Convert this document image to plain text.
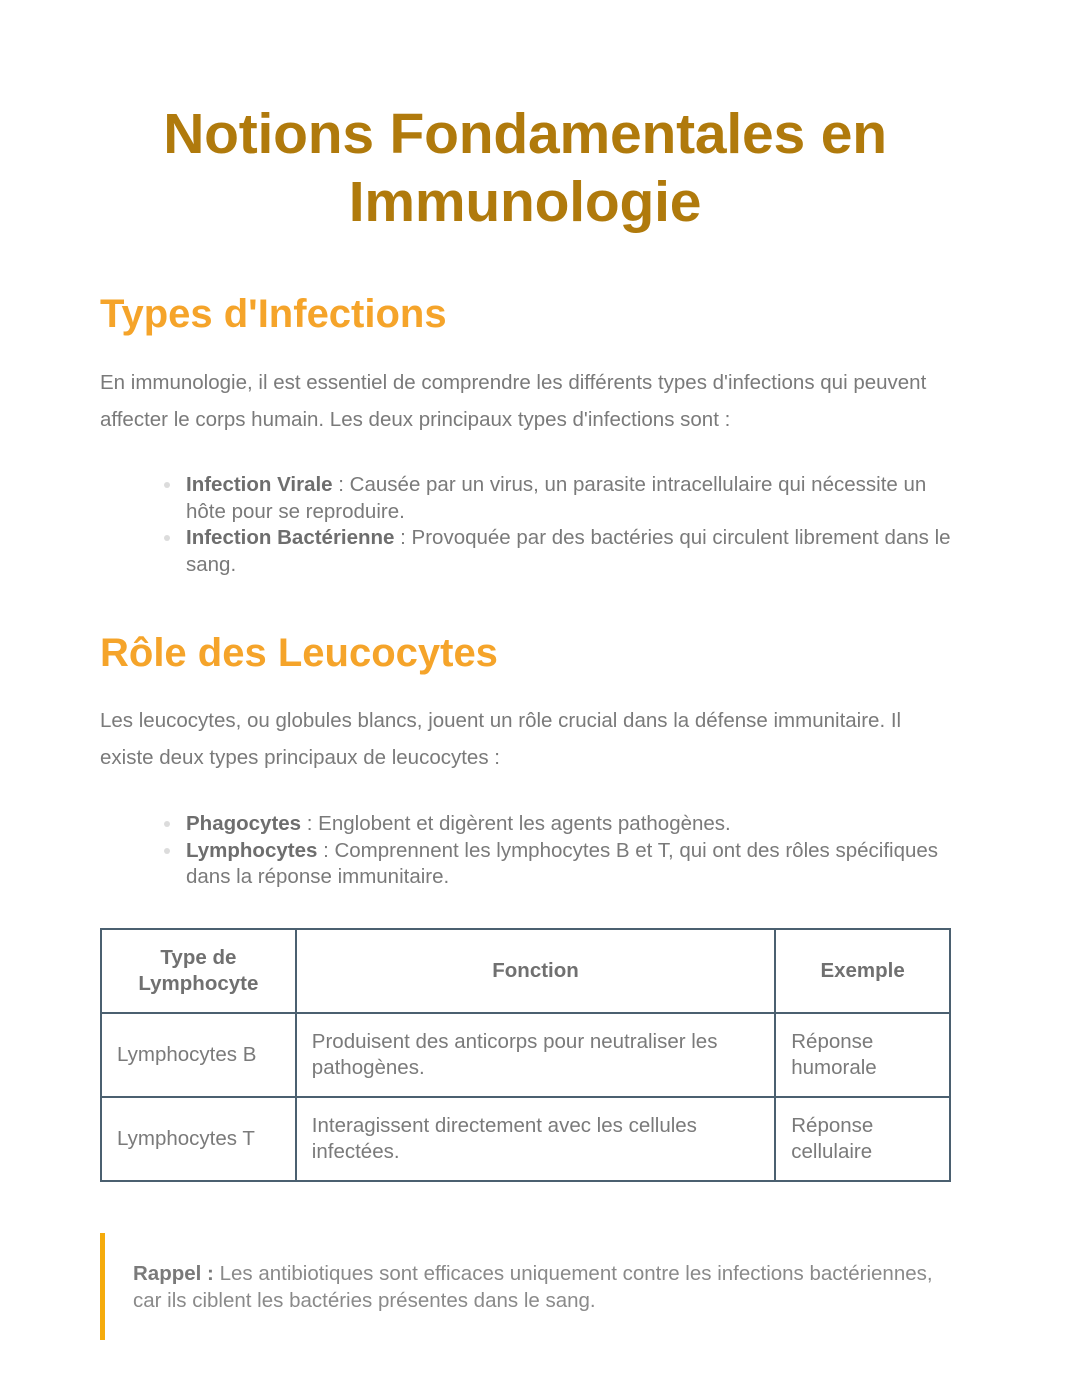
Notions Fondamentales en Immunologie
Types d'Infections

En immunologie, il est essentiel de comprendre les différents types d'infections qui peuvent affecter le corps humain. Les deux principaux types d'infections sont :

Infection Virale : Causée par un virus, un parasite intracellulaire qui nécessite un hôte pour se reproduire.
Infection Bactérienne : Provoquée par des bactéries qui circulent librement dans le sang.
Rôle des Leucocytes

Les leucocytes, ou globules blancs, jouent un rôle crucial dans la défense immunitaire. Il existe deux types principaux de leucocytes :

Phagocytes : Englobent et digèrent les agents pathogènes.
Lymphocytes : Comprennent les lymphocytes B et T, qui ont des rôles spécifiques dans la réponse immunitaire.
Type de Lymphocyte	Fonction	Exemple
Lymphocytes B	Produisent des anticorps pour neutraliser les pathogènes.	Réponse humorale
Lymphocytes T	Interagissent directement avec les cellules infectées.	Réponse cellulaire
Rappel : Les antibiotiques sont efficaces uniquement contre les infections bactériennes, car ils ciblent les bactéries présentes dans le sang.
